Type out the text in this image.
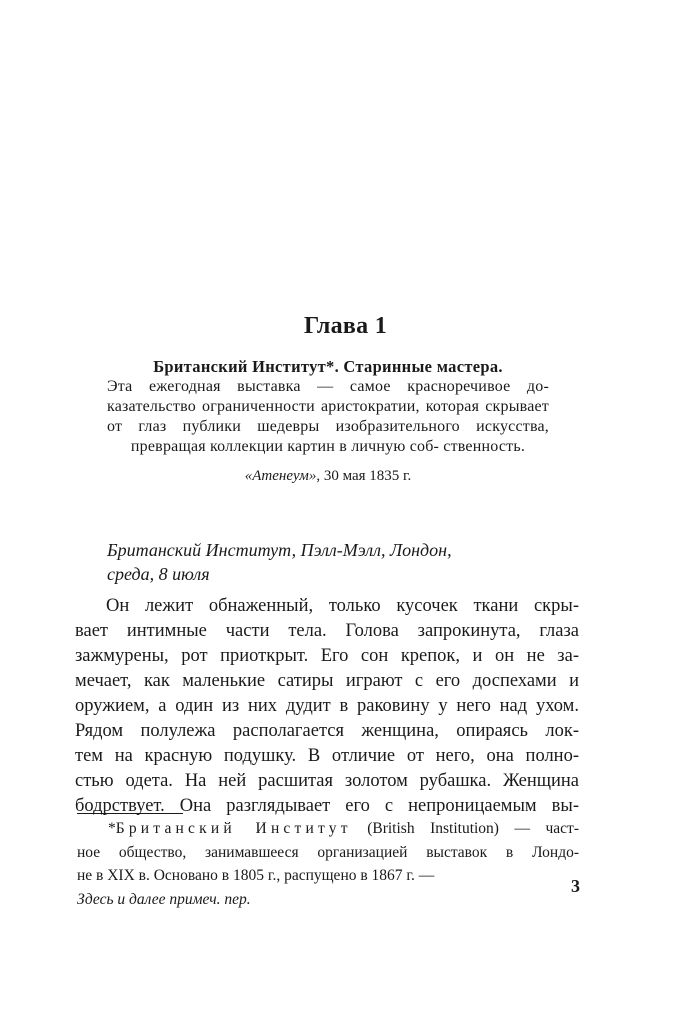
Глава 1
Британский Институт*. Старинные мастера.
Эта ежегодная выставка — самое красноречивое до- казательство ограниченности аристократии, которая скрывает от глаз публики шедевры изобразительного искусства, превращая коллекции картин в личную соб- ственность.
«Атенеум», 30 мая 1835 г.
Британский Институт, Пэлл-Мэлл, Лондон,
среда, 8 июля
Он лежит обнаженный, только кусочек ткани скры-
вает интимные части тела. Голова запрокинута, глаза
зажмурены, рот приоткрыт. Его сон крепок, и он не за-
мечает, как маленькие сатиры играют с его доспехами и
оружием, а один из них дудит в раковину у него над ухом.
Рядом полулежа располагается женщина, опираясь лок-
тем на красную подушку. В отличие от него, она полно-
стью одета. На ней расшитая золотом рубашка. Женщина
бодрствует. Она разглядывает его с непроницаемым вы-
*Британский Институт (British Institution) — част-
ное общество, занимавшееся организацией выставок в Лондо-
не в XIX в. Основано в 1805 г., распущено в 1867 г. —
Здесь и далее примеч. пер.
3
